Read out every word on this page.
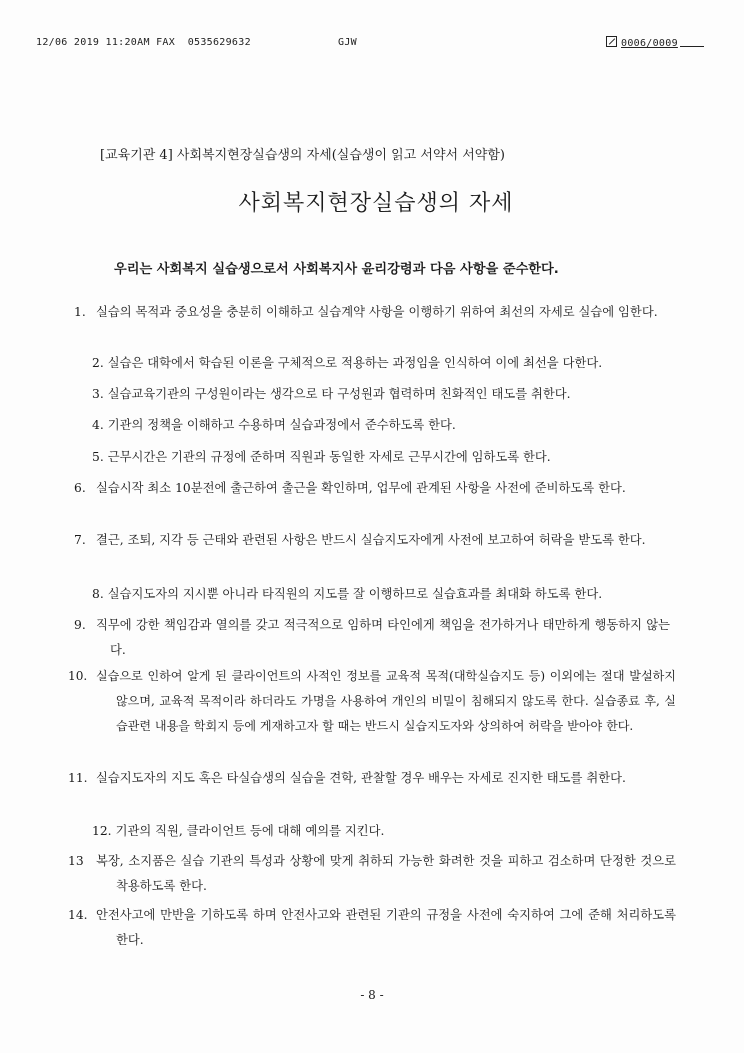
12/06 2019 11:20AM FAX  0535629632	GJW	0006/0009
[교육기관 4] 사회복지현장실습생의 자세(실습생이 읽고 서약서 서약함)
사회복지현장실습생의 자세
우리는 사회복지 실습생으로서 사회복지사 윤리강령과 다음 사항을 준수한다.
1. 실습의 목적과 중요성을 충분히 이해하고 실습계약 사항을 이행하기 위하여 최선의 자세로 실습에 임한다.
2. 실습은 대학에서 학습된 이론을 구체적으로 적용하는 과정임을 인식하여 이에 최선을 다한다.
3. 실습교육기관의 구성원이라는 생각으로 타 구성원과 협력하며 친화적인 태도를 취한다.
4. 기관의 정책을 이해하고 수용하며 실습과정에서 준수하도록 한다.
5. 근무시간은 기관의 규정에 준하며 직원과 동일한 자세로 근무시간에 임하도록 한다.
6. 실습시작 최소 10분전에 출근하여 출근을 확인하며, 업무에 관계된 사항을 사전에 준비하도록 한다.
7. 결근, 조퇴, 지각 등 근태와 관련된 사항은 반드시 실습지도자에게 사전에 보고하여 허락을 받도록 한다.
8. 실습지도자의 지시뿐 아니라 타직원의 지도를 잘 이행하므로 실습효과를 최대화 하도록 한다.
9. 직무에 강한 책임감과 열의를 갖고 적극적으로 임하며 타인에게 책임을 전가하거나 태만하게 행동하지 않는다.
10. 실습으로 인하여 알게 된 클라이언트의 사적인 정보를 교육적 목적(대학실습지도 등) 이외에는 절대 발설하지 않으며, 교육적 목적이라 하더라도 가명을 사용하여 개인의 비밀이 침해되지 않도록 한다. 실습종료 후, 실습관련 내용을 학회지 등에 게재하고자 할 때는 반드시 실습지도자와 상의하여 허락을 받아야 한다.
11. 실습지도자의 지도 혹은 타실습생의 실습을 견학, 관찰할 경우 배우는 자세로 진지한 태도를 취한다.
12. 기관의 직원, 클라이언트 등에 대해 예의를 지킨다.
13 복장, 소지품은 실습 기관의 특성과 상황에 맞게 취하되 가능한 화려한 것을 피하고 검소하며 단정한 것으로 착용하도록 한다.
14. 안전사고에 만반을 기하도록 하며 안전사고와 관련된 기관의 규정을 사전에 숙지하여 그에 준해 처리하도록 한다.
- 8 -
